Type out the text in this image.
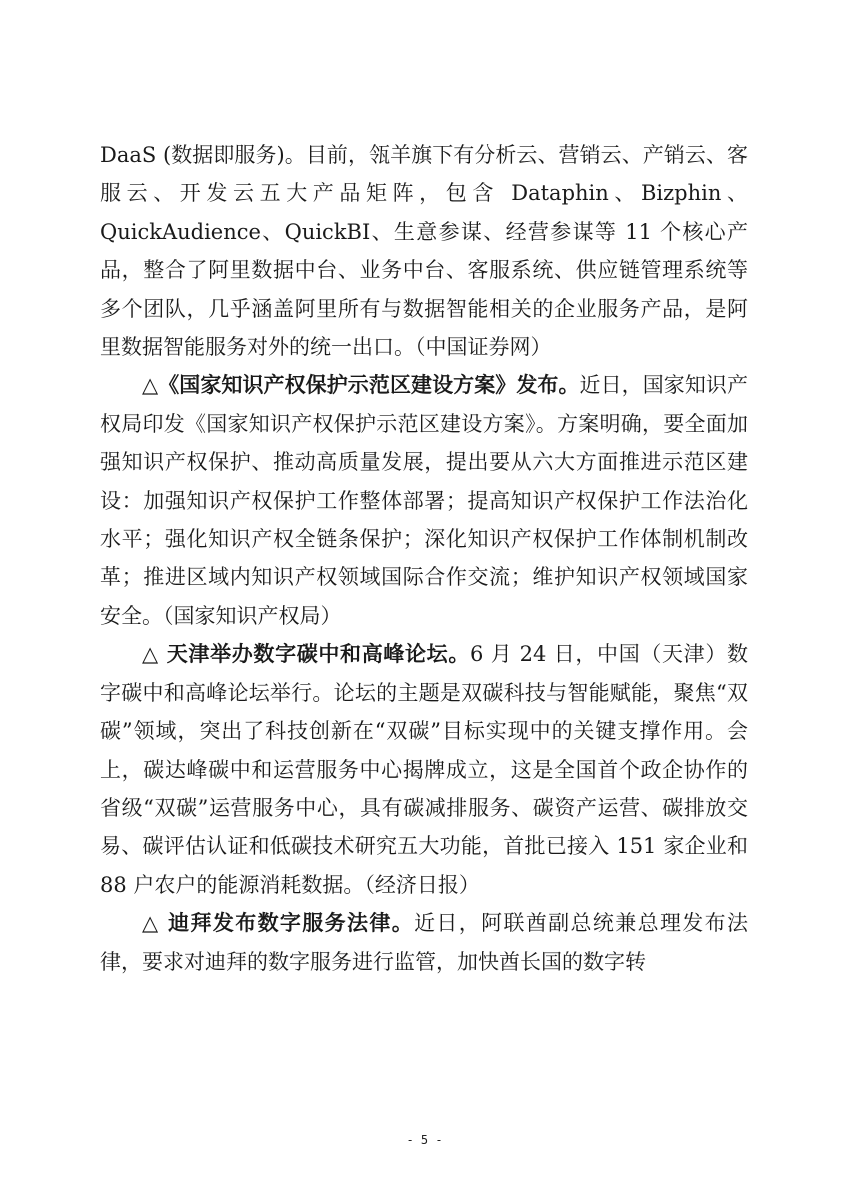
DaaS (数据即服务)。目前，瓴羊旗下有分析云、营销云、产销云、客服云、开发云五大产品矩阵，包含 Dataphin、Bizphin、QuickAudience、QuickBI、生意参谋、经营参谋等 11 个核心产品，整合了阿里数据中台、业务中台、客服系统、供应链管理系统等多个团队，几乎涵盖阿里所有与数据智能相关的企业服务产品，是阿里数据智能服务对外的统一出口。（中国证券网）

△《国家知识产权保护示范区建设方案》发布。近日，国家知识产权局印发《国家知识产权保护示范区建设方案》。方案明确，要全面加强知识产权保护、推动高质量发展，提出要从六大方面推进示范区建设：加强知识产权保护工作整体部署；提高知识产权保护工作法治化水平；强化知识产权全链条保护；深化知识产权保护工作体制机制改革；推进区域内知识产权领域国际合作交流；维护知识产权领域国家安全。（国家知识产权局）

△ 天津举办数字碳中和高峰论坛。6 月 24 日，中国（天津）数字碳中和高峰论坛举行。论坛的主题是双碳科技与智能赋能，聚焦“双碳”领域，突出了科技创新在“双碳”目标实现中的关键支撑作用。会上，碳达峰碳中和运营服务中心揭牌成立，这是全国首个政企协作的省级“双碳”运营服务中心，具有碳减排服务、碳资产运营、碳排放交易、碳评估认证和低碳技术研究五大功能，首批已接入 151 家企业和 88 户农户的能源消耗数据。（经济日报）

△ 迪拜发布数字服务法律。近日，阿联酋副总统兼总理发布法律，要求对迪拜的数字服务进行监管，加快酋长国的数字转

- 5 -
